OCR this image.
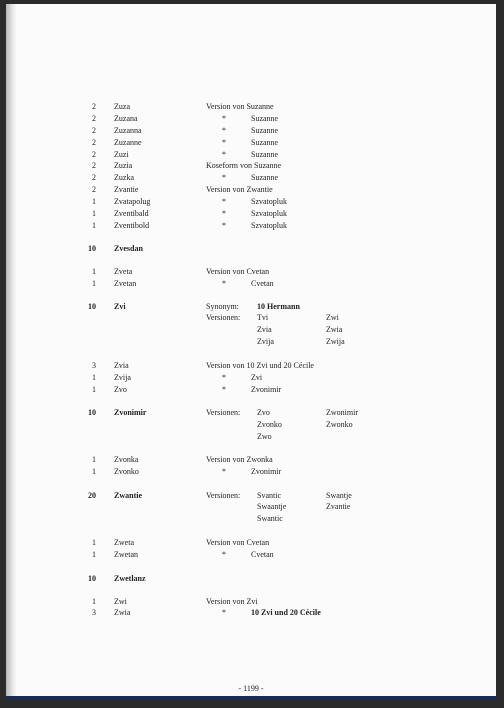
2 Zuza	Version von Suzanne
2 Zuzana	*	Suzanne
2 Zuzanna	*	Suzanne
2 Zuzanne	*	Suzanne
2 Zuzi	*	Suzanne
2 Zuzia	Koseform von Suzanne
2 Zuzka	*	Suzanne
2 Zvantie	Version von Zwantie
1 Zvatapolug	*	Szvatopluk
1 Zventibald	*	Szvatopluk
1 Zventibold	*	Szvatopluk
10 Zvesdan
1 Zveta	Version von Cvetan
1 Zvetan	*	Cvetan
10 Zvi	Synonym: 10 Hermann
Versionen: Tvi	Zwi
Zvia	Zwia
Zvija	Zwija
3 Zvia	Version von 10 Zvi und 20 Cécile
1 Zvija	*	Zvi
1 Zvo	*	Zvonimir
10 Zvonimir	Versionen: Zvo	Zwonimir
Zvonko	Zwonko
Zwo
1 Zvonka	Version von Zwonka
1 Zvonko	*	Zvonimir
20 Zwantie	Versionen: Svantic	Swantje
Swaantje	Zvantie
Swantic
1 Zweta	Version von Cvetan
1 Zwetan	*	Cvetan
10 Zwetlanz
1 Zwi	Version von Zvi
3 Zwia	*	10 Zvi und 20 Cécile
- 1199 -
